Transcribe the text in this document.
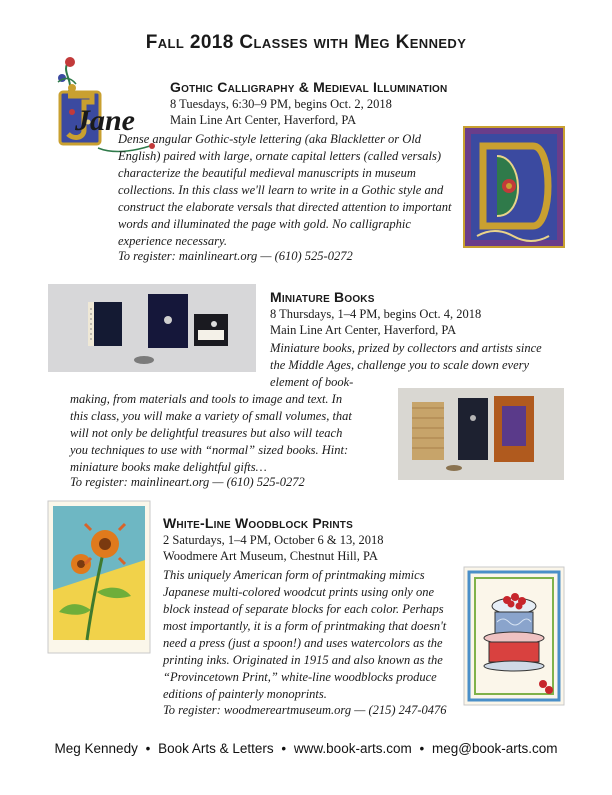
Fall 2018 Classes with Meg Kennedy
Jane
Gothic Calligraphy & Medieval Illumination

8 Tuesdays, 6:30–9 PM, begins Oct. 2, 2018

Main Line Art Center, Haverford, PA

Dense angular Gothic-style lettering (aka Blackletter or Old English) paired with large, ornate capital letters (called versals) characterize the beautiful medieval manuscripts in museum collections. In this class we'll learn to write in a Gothic style and construct the elaborate versals that directed attention to important words and illuminated the page with gold. No calligraphic experience necessary.

To register: mainlineart.org — (610) 525-0272

Miniature Books

8 Thursdays, 1–4 PM, begins Oct. 4, 2018

Main Line Art Center, Haverford, PA

Miniature books, prized by collectors and artists since the Middle Ages, challenge you to scale down every element of book-

making, from materials and tools to image and text. In this class, you will make a variety of small volumes, that will not only be delightful treasures but also will teach you techniques to use with “normal” sized books. Hint: miniature books make delightful gifts…

To register: mainlineart.org — (610) 525-0272

White-Line Woodblock Prints

2 Saturdays, 1–4 PM, October 6 & 13, 2018

Woodmere Art Museum, Chestnut Hill, PA

This uniquely American form of printmaking mimics Japanese multi-colored woodcut prints using only one block instead of separate blocks for each color. Perhaps most importantly, it is a form of printmaking that doesn't need a press (just a spoon!) and uses watercolors as the printing inks. Originated in 1915 and also known as the “Provincetown Print,” white-line woodblocks produce editions of painterly monoprints.

To register: woodmereartmuseum.org — (215) 247-0476

Meg Kennedy • Book Arts & Letters • www.book-arts.com • meg@book-arts.com
